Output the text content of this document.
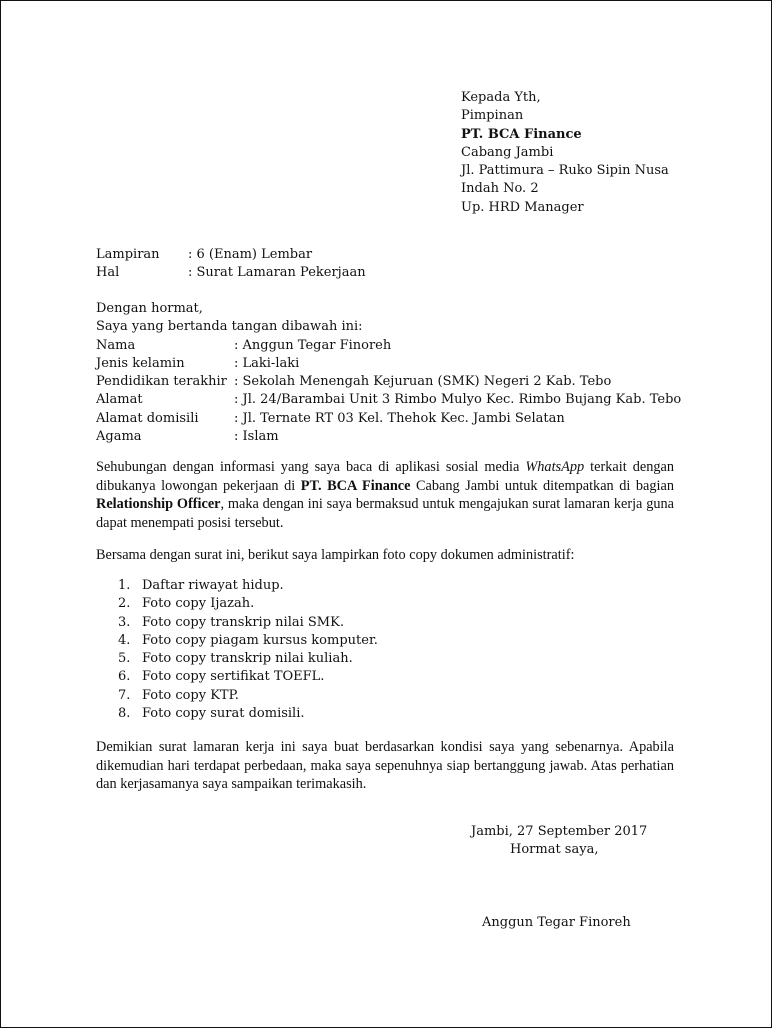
Kepada Yth,
Pimpinan
PT. BCA Finance
Cabang Jambi
Jl. Pattimura – Ruko Sipin Nusa
Indah No. 2
Up. HRD Manager
Lampiran	: 6 (Enam) Lembar
Hal	: Surat Lamaran Pekerjaan
Dengan hormat,
Saya yang bertanda tangan dibawah ini:
Nama	: Anggun Tegar Finoreh
Jenis kelamin	: Laki-laki
Pendidikan terakhir : Sekolah Menengah Kejuruan (SMK) Negeri 2 Kab. Tebo
Alamat	: Jl. 24/Barambai Unit 3 Rimbo Mulyo Kec. Rimbo Bujang Kab. Tebo
Alamat domisili	: Jl. Ternate RT 03 Kel. Thehok Kec. Jambi Selatan
Agama	: Islam
Sehubungan dengan informasi yang saya baca di aplikasi sosial media WhatsApp terkait dengan dibukanya lowongan pekerjaan di PT. BCA Finance Cabang Jambi untuk ditempatkan di bagian Relationship Officer, maka dengan ini saya bermaksud untuk mengajukan surat lamaran kerja guna dapat menempati posisi tersebut.
Bersama dengan surat ini, berikut saya lampirkan foto copy dokumen administratif:
1. Daftar riwayat hidup.
2. Foto copy Ijazah.
3. Foto copy transkrip nilai SMK.
4. Foto copy piagam kursus komputer.
5. Foto copy transkrip nilai kuliah.
6. Foto copy sertifikat TOEFL.
7. Foto copy KTP.
8. Foto copy surat domisili.
Demikian surat lamaran kerja ini saya buat berdasarkan kondisi saya yang sebenarnya. Apabila dikemudian hari terdapat perbedaan, maka saya sepenuhnya siap bertanggung jawab. Atas perhatian dan kerjasamanya saya sampaikan terimakasih.
Jambi, 27 September 2017
Hormat saya,
Anggun Tegar Finoreh
